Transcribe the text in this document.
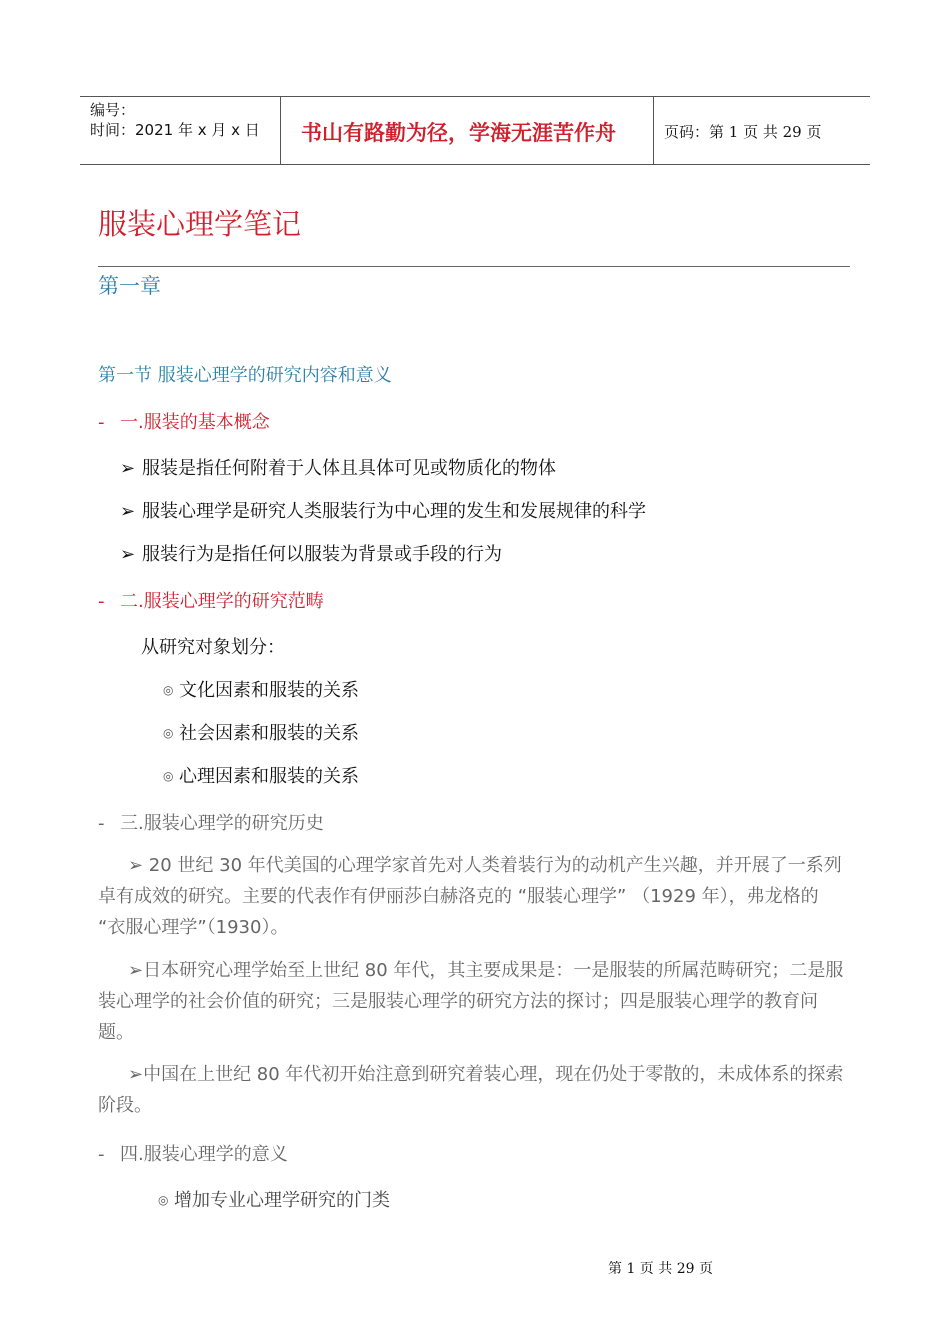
编号：
时间：2021 年 x 月 x 日 书山有路勤为径，学海无涯苦作舟	页码：第 1 页 共 29 页
服装心理学笔记
第一章
第一节 服装心理学的研究内容和意义
- 一.服装的基本概念
➢ 服装是指任何附着于人体且具体可见或物质化的物体
➢ 服装心理学是研究人类服装行为中心理的发生和发展规律的科学
➢ 服装行为是指任何以服装为背景或手段的行为
- 二.服装心理学的研究范畴
从研究对象划分：
◎ 文化因素和服装的关系
◎ 社会因素和服装的关系
◎ 心理因素和服装的关系
- 三.服装心理学的研究历史
➢ 20 世纪 30 年代美国的心理学家首先对人类着装行为的动机产生兴趣，并开展了一系列卓有成效的研究。主要的代表作有伊丽莎白赫洛克的 “服装心理学” （1929 年），弗龙格的 “衣服心理学”（1930）。
➢日本研究心理学始至上世纪 80 年代，其主要成果是：一是服装的所属范畴研究；二是服装心理学的社会价值的研究；三是服装心理学的研究方法的探讨；四是服装心理学的教育问题。
➢中国在上世纪 80 年代初开始注意到研究着装心理，现在仍处于零散的，未成体系的探索阶段。
- 四.服装心理学的意义
◎ 增加专业心理学研究的门类
第 1 页 共 29 页
